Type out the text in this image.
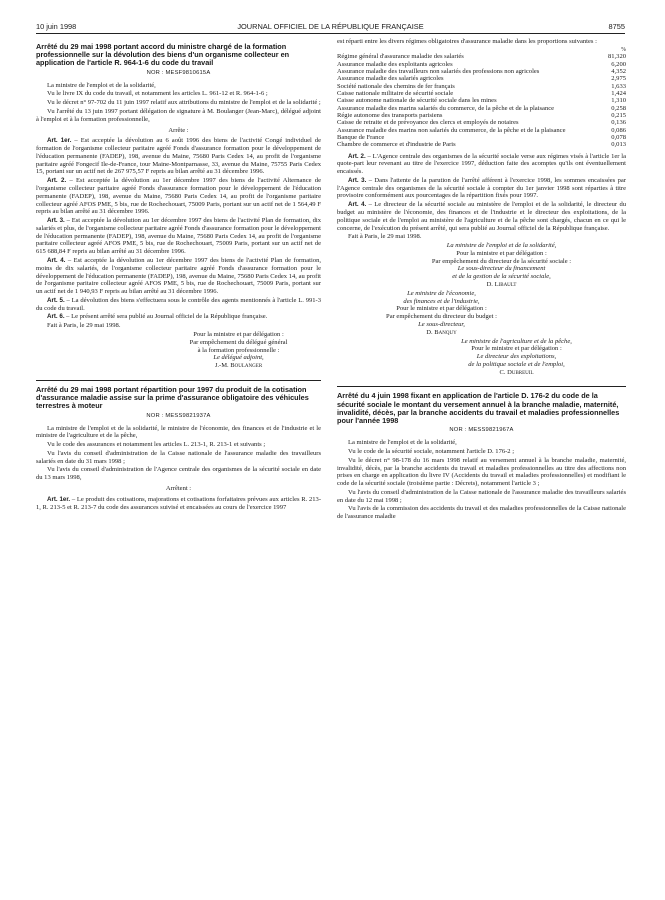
10 juin 1998	JOURNAL OFFICIEL DE LA RÉPUBLIQUE FRANÇAISE	8755
Arrêté du 29 mai 1998 portant accord du ministre chargé de la formation professionnelle sur la dévolution des biens d'un organisme collecteur en application de l'article R. 964-1-6 du code du travail
NOR : MESF9810615A

La ministre de l'emploi et de la solidarité,

Vu le livre IX du code du travail, et notamment les articles L. 961-12 et R. 964-1-6 ;

Vu le décret n° 97-702 du 11 juin 1997 relatif aux attributions du ministre de l'emploi et de la solidarité ;

Vu l'arrêté du 13 juin 1997 portant délégation de signature à M. Boulanger (Jean-Marc), délégué adjoint à l'emploi et à la formation professionnelle,

Arrête :

Art. 1er. – Est acceptée la dévolution au 6 août 1996 des biens de l'activité Congé individuel de formation de l'organisme collecteur paritaire agréé Fonds d'assurance formation pour le développement de l'éducation permanente (FADEP), 198, avenue du Maine, 75680 Paris Cedex 14, au profit de l'organisme paritaire agréé Fongecif Ile-de-France, tour Maine-Montparnasse, 33, avenue du Maine, 75755 Paris Cedex 15, portant sur un actif net de 267 975,57 F repris au bilan arrêté au 31 décembre 1996.

Art. 2. – Est acceptée la dévolution au 1er décembre 1997 des biens de l'activité Alternance de l'organisme collecteur paritaire agréé Fonds d'assurance formation pour le développement de l'éducation permanente (FADEP), 198, avenue du Maine, 75680 Paris Cedex 14, au profit de l'organisme paritaire collecteur agréé AFOS PME, 5 bis, rue de Rochechouart, 75009 Paris, portant sur un actif net de 1 564,49 F repris au bilan arrêté au 31 décembre 1996.

Art. 3. – Est acceptée la dévolution au 1er décembre 1997 des biens de l'activité Plan de formation, dix salariés et plus, de l'organisme collecteur paritaire agréé Fonds d'assurance formation pour le développement de l'éducation permanente (FADEP), 198, avenue du Maine, 75680 Paris Cedex 14, au profit de l'organisme paritaire collecteur agréé AFOS PME, 5 bis, rue de Rochechouart, 75009 Paris, portant sur un actif net de 615 688,84 F repris au bilan arrêté au 31 décembre 1996.

Art. 4. – Est acceptée la dévolution au 1er décembre 1997 des biens de l'activité Plan de formation, moins de dix salariés, de l'organisme collecteur paritaire agréé Fonds d'assurance formation pour le développement de l'éducation permanente (FADEP), 198, avenue du Maine, 75680 Paris Cedex 14, au profit de l'organisme paritaire collecteur agréé AFOS PME, 5 bis, rue de Rochechouart, 75009 Paris, portant sur un actif net de 1 940,93 F repris au bilan arrêté au 31 décembre 1996.

Art. 5. – La dévolution des biens s'effectuera sous le contrôle des agents mentionnés à l'article L. 991-3 du code du travail.

Art. 6. – Le présent arrêté sera publié au Journal officiel de la République française.

Fait à Paris, le 29 mai 1998.

Pour la ministre et par délégation :

Par empêchement du délégué général

à la formation professionnelle :

Le délégué adjoint,

J.-M. Boulanger

Arrêté du 29 mai 1998 portant répartition pour 1997 du produit de la cotisation d'assurance maladie assise sur la prime d'assurance obligatoire des véhicules terrestres à moteur
NOR : MESS9821937A

La ministre de l'emploi et de la solidarité, le ministre de l'économie, des finances et de l'industrie et le ministre de l'agriculture et de la pêche,

Vu le code des assurances et notamment les articles L. 213-1, R. 213-1 et suivants ;

Vu l'avis du conseil d'administration de la Caisse nationale de l'assurance maladie des travailleurs salariés en date du 31 mars 1998 ;

Vu l'avis du conseil d'administration de l'Agence centrale des organismes de la sécurité sociale en date du 13 mars 1998,

Arrêtent :

Art. 1er. – Le produit des cotisations, majorations et cotisations forfaitaires prévues aux articles R. 213-1, R. 213-5 et R. 213-7 du code des assurances suivisé et encaissées au cours de l'exercice 1997

est réparti entre les divers régimes obligatoires d'assurance maladie dans les proportions suivantes :

	%
Régime général d'assurance maladie des salariés	81,320
Assurance maladie des exploitants agricoles	6,200
Assurance maladie des travailleurs non salariés des professions non agricoles	4,352
Assurance maladie des salariés agricoles	2,975
Société nationale des chemins de fer français	1,633
Caisse nationale militaire de sécurité sociale	1,424
Caisse autonome nationale de sécurité sociale dans les mines	1,310
Assurance maladie des marins salariés du commerce, de la pêche et de la plaisance	0,258
Régie autonome des transports parisiens	0,215
Caisse de retraite et de prévoyance des clercs et employés de notaires	0,136
Assurance maladie des marins non salariés du commerce, de la pêche et de la plaisance	0,086
Banque de France	0,078
Chambre de commerce et d'industrie de Paris	0,013

Art. 2. – L'Agence centrale des organismes de la sécurité sociale verse aux régimes visés à l'article 1er la quote-part leur revenant au titre de l'exercice 1997, déduction faite des acomptes qu'ils ont éventuellement encaissés.

Art. 3. – Dans l'attente de la parution de l'arrêté afférent à l'exercice 1998, les sommes encaissées par l'Agence centrale des organismes de la sécurité sociale à compter du 1er janvier 1998 sont réparties à titre provisoire conformément aux pourcentages de la répartition fixés pour 1997.

Art. 4. – Le directeur de la sécurité sociale au ministère de l'emploi et de la solidarité, le directeur du budget au ministère de l'économie, des finances et de l'industrie et le directeur des exploitations, de la politique sociale et de l'emploi au ministère de l'agriculture et de la pêche sont chargés, chacun en ce qui le concerne, de l'exécution du présent arrêté, qui sera publié au Journal officiel de la République française.

Fait à Paris, le 29 mai 1998.

La ministre de l'emploi et de la solidarité,

Pour la ministre et par délégation :

Par empêchement du directeur de la sécurité sociale :

Le sous-directeur du financement

et de la gestion de la sécurité sociale,

D. Libault

Le ministre de l'économie,

des finances et de l'industrie,

Pour le ministre et par délégation :

Par empêchement du directeur du budget :

Le sous-directeur,

D. Banquy

Le ministre de l'agriculture et de la pêche,

Pour le ministre et par délégation :

Le directeur des exploitations,

de la politique sociale et de l'emploi,

C. Dubreuil

Arrêté du 4 juin 1998 fixant en application de l'article D. 176-2 du code de la sécurité sociale le montant du versement annuel à la branche maladie, maternité, invalidité, décès, par la branche accidents du travail et maladies professionnelles pour l'année 1998
NOR : MESS9821967A

La ministre de l'emploi et de la solidarité,

Vu le code de la sécurité sociale, notamment l'article D. 176-2 ;

Vu le décret n° 98-178 du 16 mars 1998 relatif au versement annuel à la branche maladie, maternité, invalidité, décès, par la branche accidents du travail et maladies professionnelles au titre des affections non prises en charge en application du livre IV (Accidents du travail et maladies professionnelles) et modifiant le code de la sécurité sociale (troisième partie : Décrets), notamment l'article 3 ;

Vu l'avis du conseil d'administration de la Caisse nationale de l'assurance maladie des travailleurs salariés en date du 12 mai 1998 ;

Vu l'avis de la commission des accidents du travail et des maladies professionnelles de la Caisse nationale de l'assurance maladie
